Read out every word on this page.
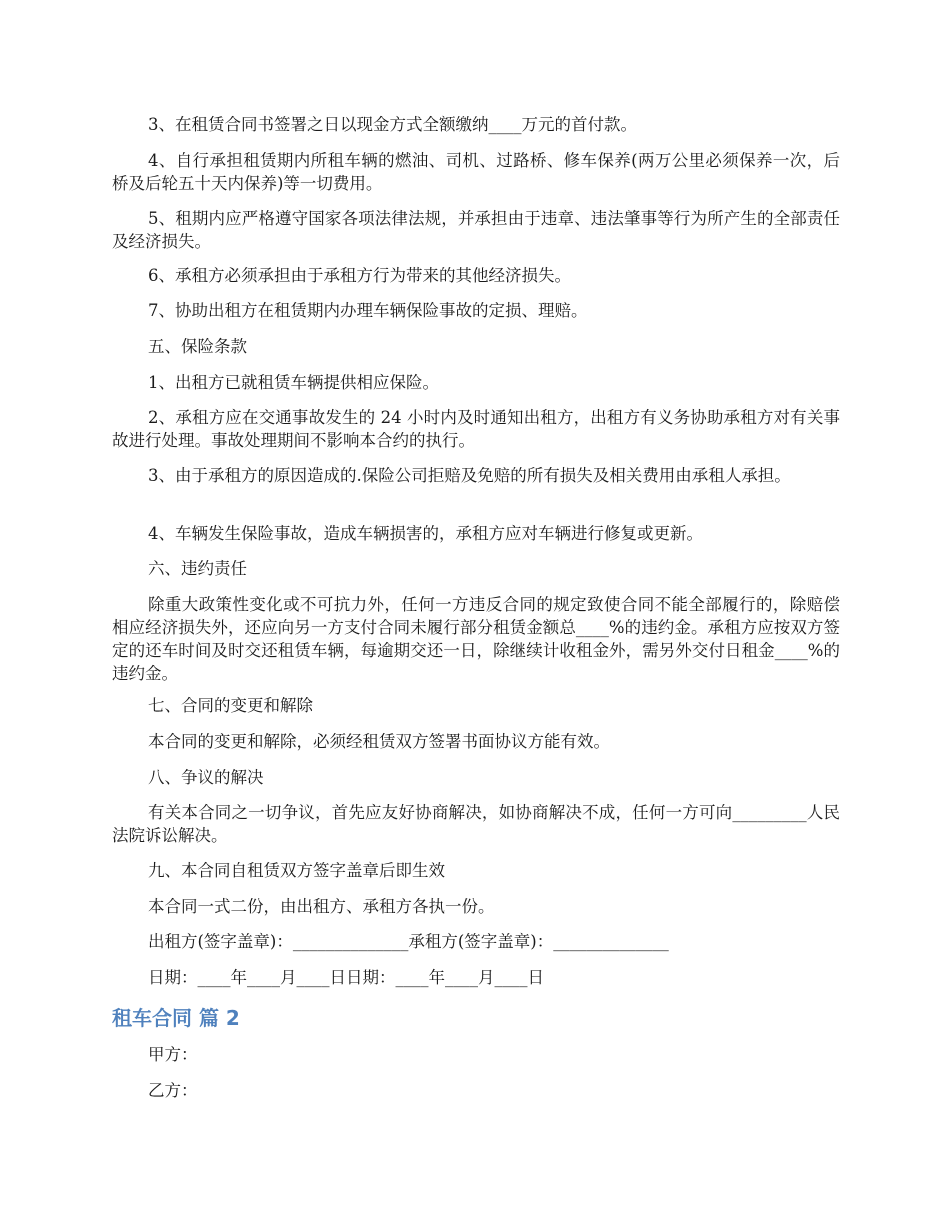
3、在租赁合同书签署之日以现金方式全额缴纳____万元的首付款。
4、自行承担租赁期内所租车辆的燃油、司机、过路桥、修车保养(两万公里必须保养一次，后桥及后轮五十天内保养)等一切费用。
5、租期内应严格遵守国家各项法律法规，并承担由于违章、违法肇事等行为所产生的全部责任及经济损失。
6、承租方必须承担由于承租方行为带来的其他经济损失。
7、协助出租方在租赁期内办理车辆保险事故的定损、理赔。
五、保险条款
1、出租方已就租赁车辆提供相应保险。
2、承租方应在交通事故发生的 24 小时内及时通知出租方，出租方有义务协助承租方对有关事故进行处理。事故处理期间不影响本合约的执行。
3、由于承租方的原因造成的.保险公司拒赔及免赔的所有损失及相关费用由承租人承担。
4、车辆发生保险事故，造成车辆损害的，承租方应对车辆进行修复或更新。
六、违约责任
除重大政策性变化或不可抗力外，任何一方违反合同的规定致使合同不能全部履行的，除赔偿相应经济损失外，还应向另一方支付合同未履行部分租赁金额总____%的违约金。承租方应按双方签定的还车时间及时交还租赁车辆，每逾期交还一日，除继续计收租金外，需另外交付日租金____%的违约金。
七、合同的变更和解除
本合同的变更和解除，必须经租赁双方签署书面协议方能有效。
八、争议的解决
有关本合同之一切争议，首先应友好协商解决，如协商解决不成，任何一方可向_________人民法院诉讼解决。
九、本合同自租赁双方签字盖章后即生效
本合同一式二份，由出租方、承租方各执一份。
出租方(签字盖章)：______________承租方(签字盖章)：______________
日期：____年____月____日日期：____年____月____日
租车合同 篇 2
甲方：
乙方：
